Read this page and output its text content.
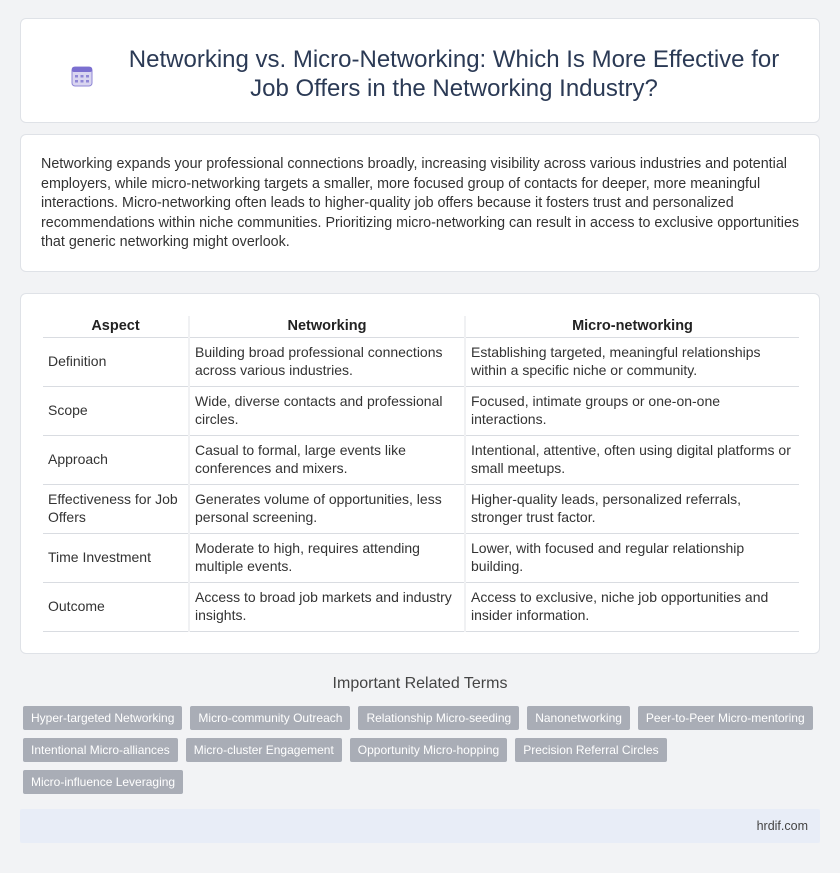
Networking vs. Micro-Networking: Which Is More Effective for Job Offers in the Networking Industry?

Networking expands your professional connections broadly, increasing visibility across various industries and potential employers, while micro-networking targets a smaller, more focused group of contacts for deeper, more meaningful interactions. Micro-networking often leads to higher-quality job offers because it fosters trust and personalized recommendations within niche communities. Prioritizing micro-networking can result in access to exclusive opportunities that generic networking might overlook.

Aspect	Networking	Micro-networking
Definition	Building broad professional connections across various industries.	Establishing targeted, meaningful relationships within a specific niche or community.
Scope	Wide, diverse contacts and professional circles.	Focused, intimate groups or one-on-one interactions.
Approach	Casual to formal, large events like conferences and mixers.	Intentional, attentive, often using digital platforms or small meetups.
Effectiveness for Job Offers	Generates volume of opportunities, less personal screening.	Higher-quality leads, personalized referrals, stronger trust factor.
Time Investment	Moderate to high, requires attending multiple events.	Lower, with focused and regular relationship building.
Outcome	Access to broad job markets and industry insights.	Access to exclusive, niche job opportunities and insider information.
Important Related Terms
Hyper-targeted Networking	Micro-community Outreach	Relationship Micro-seeding	Nanonetworking	Peer-to-Peer Micro-mentoring
Intentional Micro-alliances	Micro-cluster Engagement	Opportunity Micro-hopping	Precision Referral Circles
Micro-influence Leveraging
hrdif.com
